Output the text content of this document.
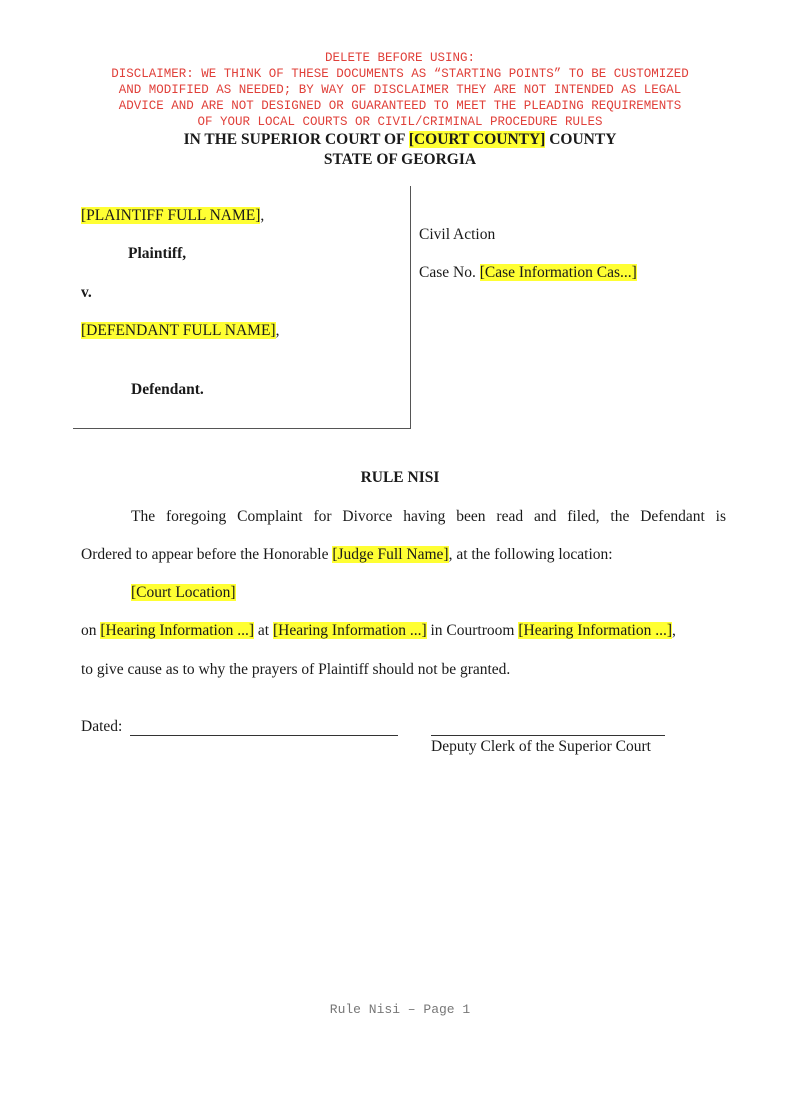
DELETE BEFORE USING:
DISCLAIMER: WE THINK OF THESE DOCUMENTS AS “STARTING POINTS” TO BE CUSTOMIZED
AND MODIFIED AS NEEDED; BY WAY OF DISCLAIMER THEY ARE NOT INTENDED AS LEGAL
ADVICE AND ARE NOT DESIGNED OR GUARANTEED TO MEET THE PLEADING REQUIREMENTS
OF YOUR LOCAL COURTS OR CIVIL/CRIMINAL PROCEDURE RULES
IN THE SUPERIOR COURT OF [COURT COUNTY] COUNTY
STATE OF GEORGIA
[PLAINTIFF FULL NAME],
Plaintiff,
v.
[DEFENDANT FULL NAME],
Defendant.
Civil Action
Case No. [Case Information Cas...]
RULE NISI
The foregoing Complaint for Divorce having been read and filed, the Defendant is
Ordered to appear before the Honorable [Judge Full Name], at the following location:
[Court Location]
on [Hearing Information ...] at [Hearing Information ...] in Courtroom [Hearing Information ...],
to give cause as to why the prayers of Plaintiff should not be granted.
Dated:
Deputy Clerk of the Superior Court
Rule Nisi – Page 1
